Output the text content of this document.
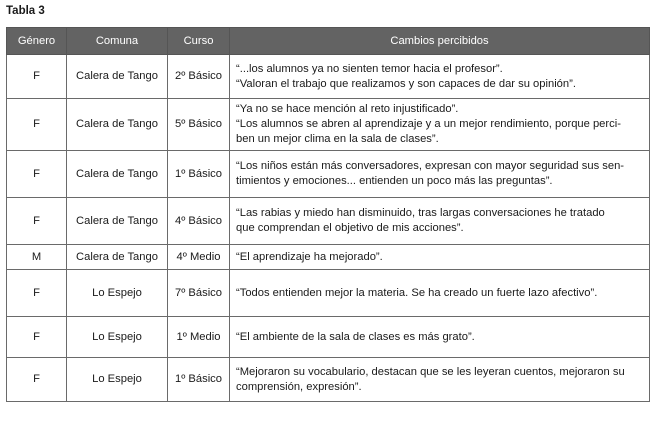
Tabla 3
Género	Comuna	Curso	Cambios percibidos
F	Calera de Tango	2º Básico	“...los alumnos ya no sienten temor hacia el profesor”.
“Valoran el trabajo que realizamos y son capaces de dar su opinión”.

F	Calera de Tango	5º Básico	“Ya no se hace mención al reto injustificado”.
“Los alumnos se abren al aprendizaje y a un mejor rendimiento, porque perci-
ben un mejor clima en la sala de clases”.

F	Calera de Tango	1º Básico	“Los niños están más conversadores, expresan con mayor seguridad sus sen-
timientos y emociones... entienden un poco más las preguntas”.

F	Calera de Tango	4º Básico	“Las rabias y miedo han disminuido, tras largas conversaciones he tratado
que comprendan el objetivo de mis acciones”.

M	Calera de Tango	4º Medio	“El aprendizaje ha mejorado”.

F	Lo Espejo	7º Básico	“Todos entienden mejor la materia. Se ha creado un fuerte lazo afectivo”.

F	Lo Espejo	1º Medio	“El ambiente de la sala de clases es más grato”.

F	Lo Espejo	1º Básico	“Mejoraron su vocabulario, destacan que se les leyeran cuentos, mejoraron su
comprensión, expresión”.
